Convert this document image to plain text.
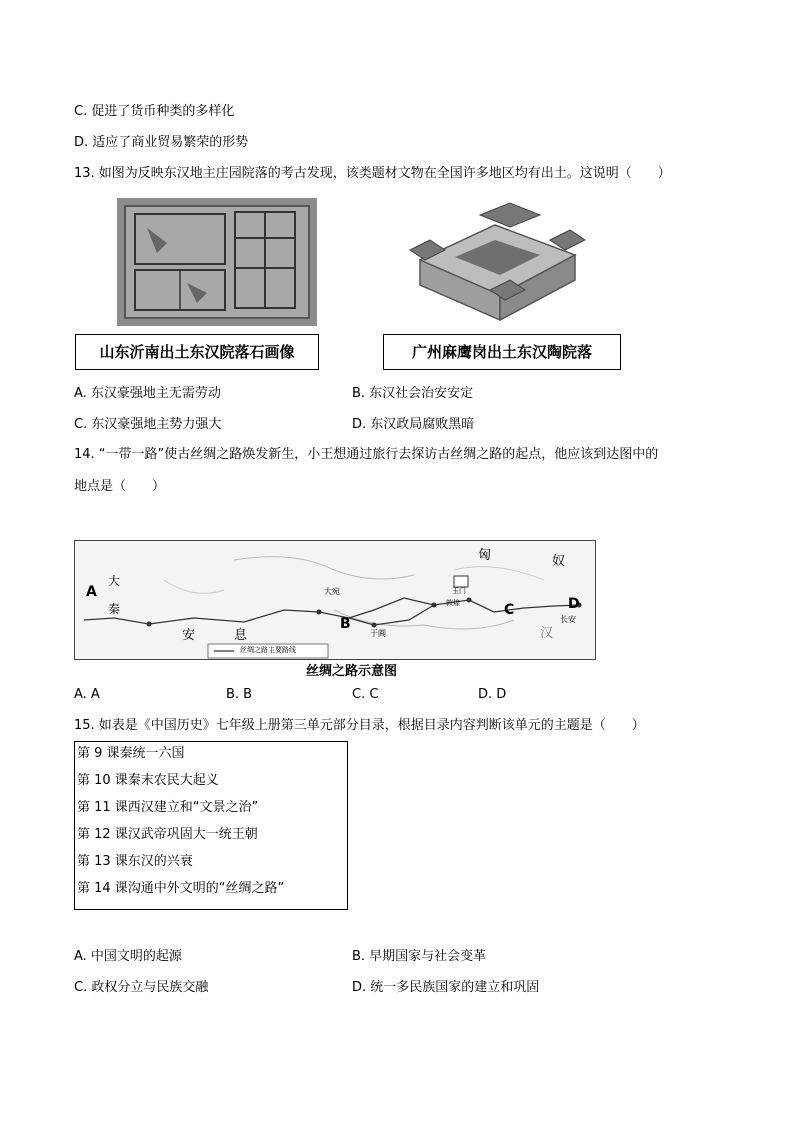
C. 促进了货币种类的多样化
D. 适应了商业贸易繁荣的形势
13. 如图为反映东汉地主庄园院落的考古发现，该类题材文物在全国许多地区均有出土。这说明（　　）
山东沂南出土东汉院落石画像	广州麻鹰岗出土东汉陶院落
A. 东汉豪强地主无需劳动	B. 东汉社会治安安定
C. 东汉豪强地主势力强大	D. 东汉政局腐败黑暗
14. “一带一路”使古丝绸之路焕发新生，小王想通过旅行去探访古丝绸之路的起点，他应该到达图中的
地点是（　　）
A
B
C	D
大
秦
安	息
匈	奴
汉
长安
敦煌
玉门
于阗
大宛
丝绸之路主要路线
丝绸之路示意图
A. A	B. B	C. C	D. D
15. 如表是《中国历史》七年级上册第三单元部分目录，根据目录内容判断该单元的主题是（　　）
第 9 课秦统一六国
第 10 课秦末农民大起义
第 11 课西汉建立和“文景之治”
第 12 课汉武帝巩固大一统王朝
第 13 课东汉的兴衰
第 14 课沟通中外文明的“丝绸之路”
A. 中国文明的起源	B. 早期国家与社会变革
C. 政权分立与民族交融	D. 统一多民族国家的建立和巩固
